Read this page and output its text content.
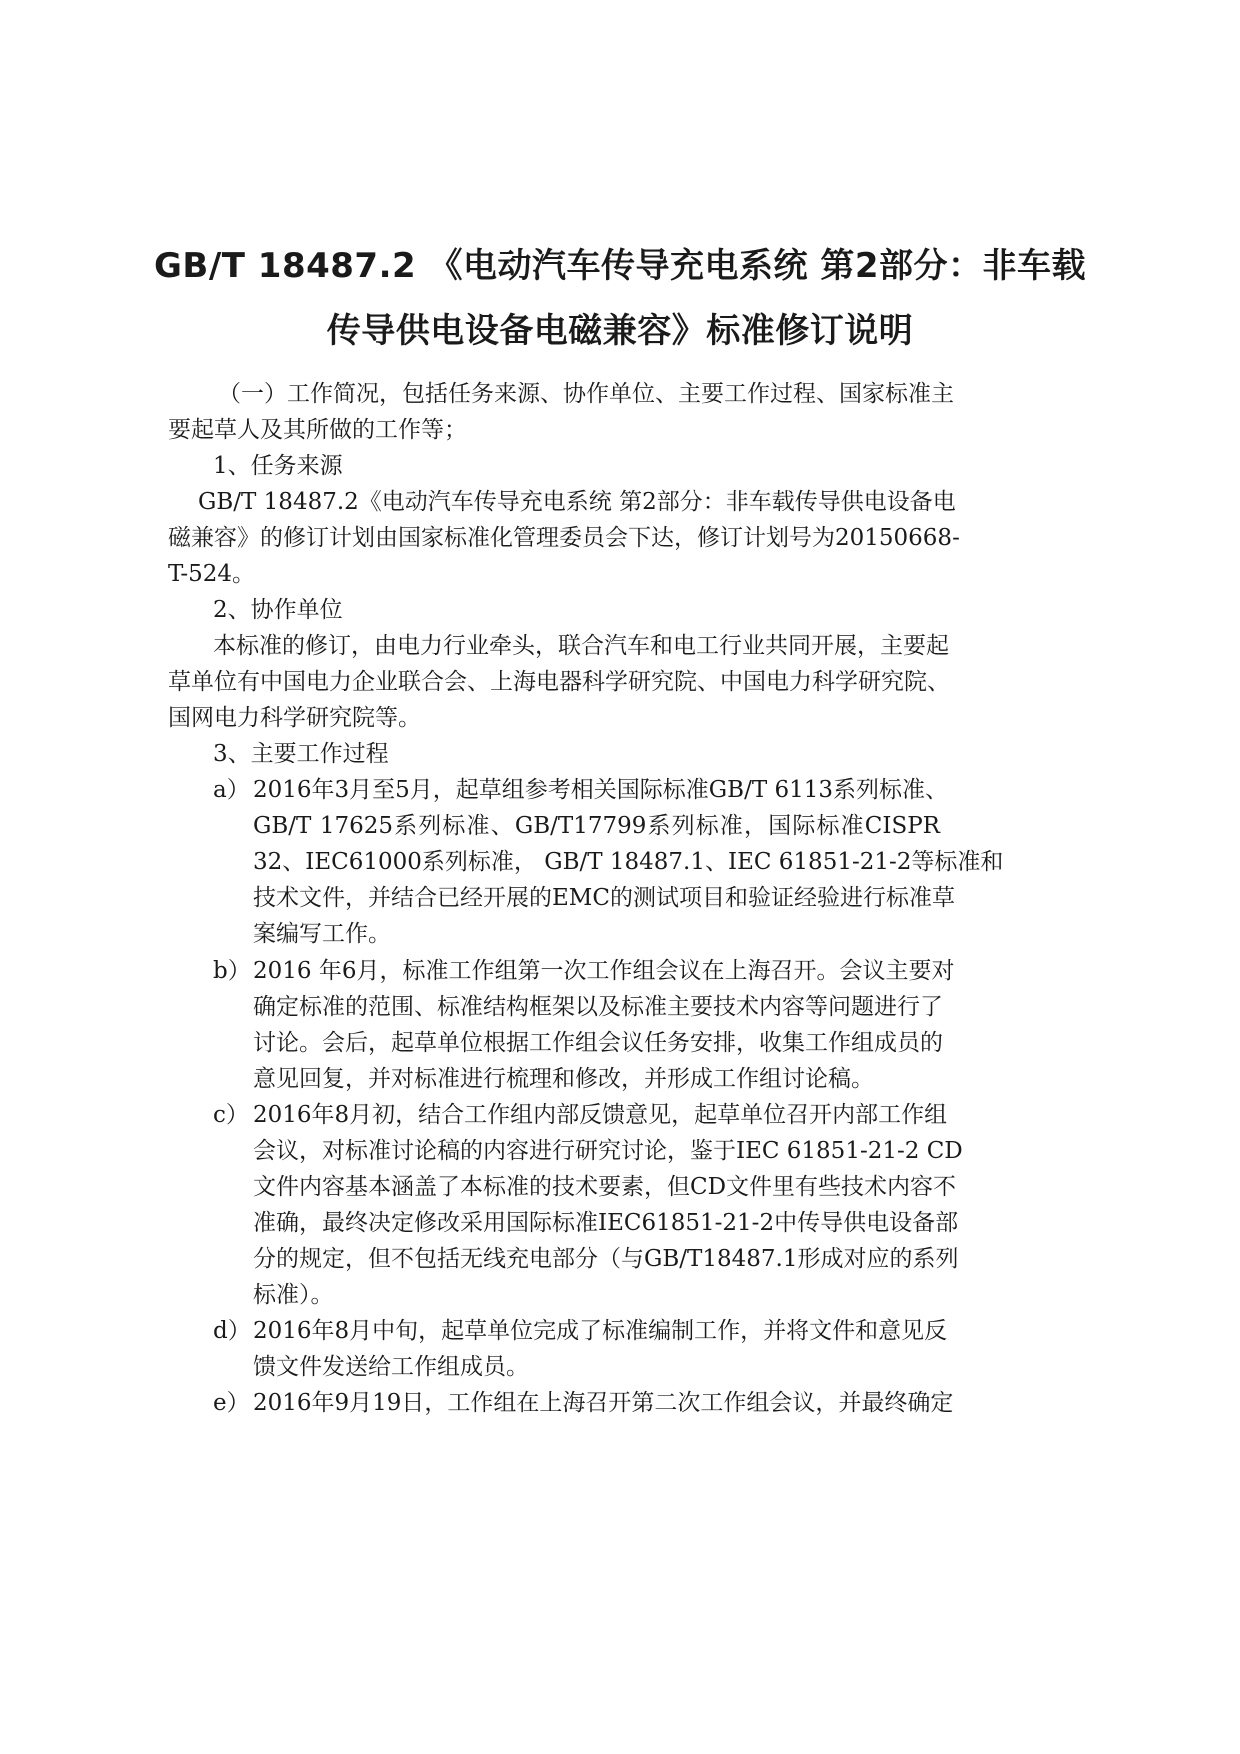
GB/T 18487.2 《电动汽车传导充电系统 第2部分：非车载
传导供电设备电磁兼容》标准修订说明
（一）工作简况，包括任务来源、协作单位、主要工作过程、国家标准主
要起草人及其所做的工作等；
1、任务来源
GB/T 18487.2《电动汽车传导充电系统 第2部分：非车载传导供电设备电
磁兼容》的修订计划由国家标准化管理委员会下达，修订计划号为20150668-
T-524。
2、协作单位
本标准的修订，由电力行业牵头，联合汽车和电工行业共同开展，主要起
草单位有中国电力企业联合会、上海电器科学研究院、中国电力科学研究院、
国网电力科学研究院等。
3、主要工作过程
a） 2016年3月至5月，起草组参考相关国际标准GB/T 6113系列标准、
GB/T 17625系列标准、GB/T17799系列标准，国际标准CISPR
32、IEC61000系列标准， GB/T 18487.1、IEC 61851-21-2等标准和
技术文件，并结合已经开展的EMC的测试项目和验证经验进行标准草
案编写工作。
b） 2016 年6月，标准工作组第一次工作组会议在上海召开。会议主要对
确定标准的范围、标准结构框架以及标准主要技术内容等问题进行了
讨论。会后，起草单位根据工作组会议任务安排，收集工作组成员的
意见回复，并对标准进行梳理和修改，并形成工作组讨论稿。
c） 2016年8月初，结合工作组内部反馈意见，起草单位召开内部工作组
会议，对标准讨论稿的内容进行研究讨论，鉴于IEC 61851-21-2 CD
文件内容基本涵盖了本标准的技术要素，但CD文件里有些技术内容不
准确，最终决定修改采用国际标准IEC61851-21-2中传导供电设备部
分的规定，但不包括无线充电部分（与GB/T18487.1形成对应的系列
标准）。
d） 2016年8月中旬，起草单位完成了标准编制工作，并将文件和意见反
馈文件发送给工作组成员。
e） 2016年9月19日，工作组在上海召开第二次工作组会议，并最终确定
